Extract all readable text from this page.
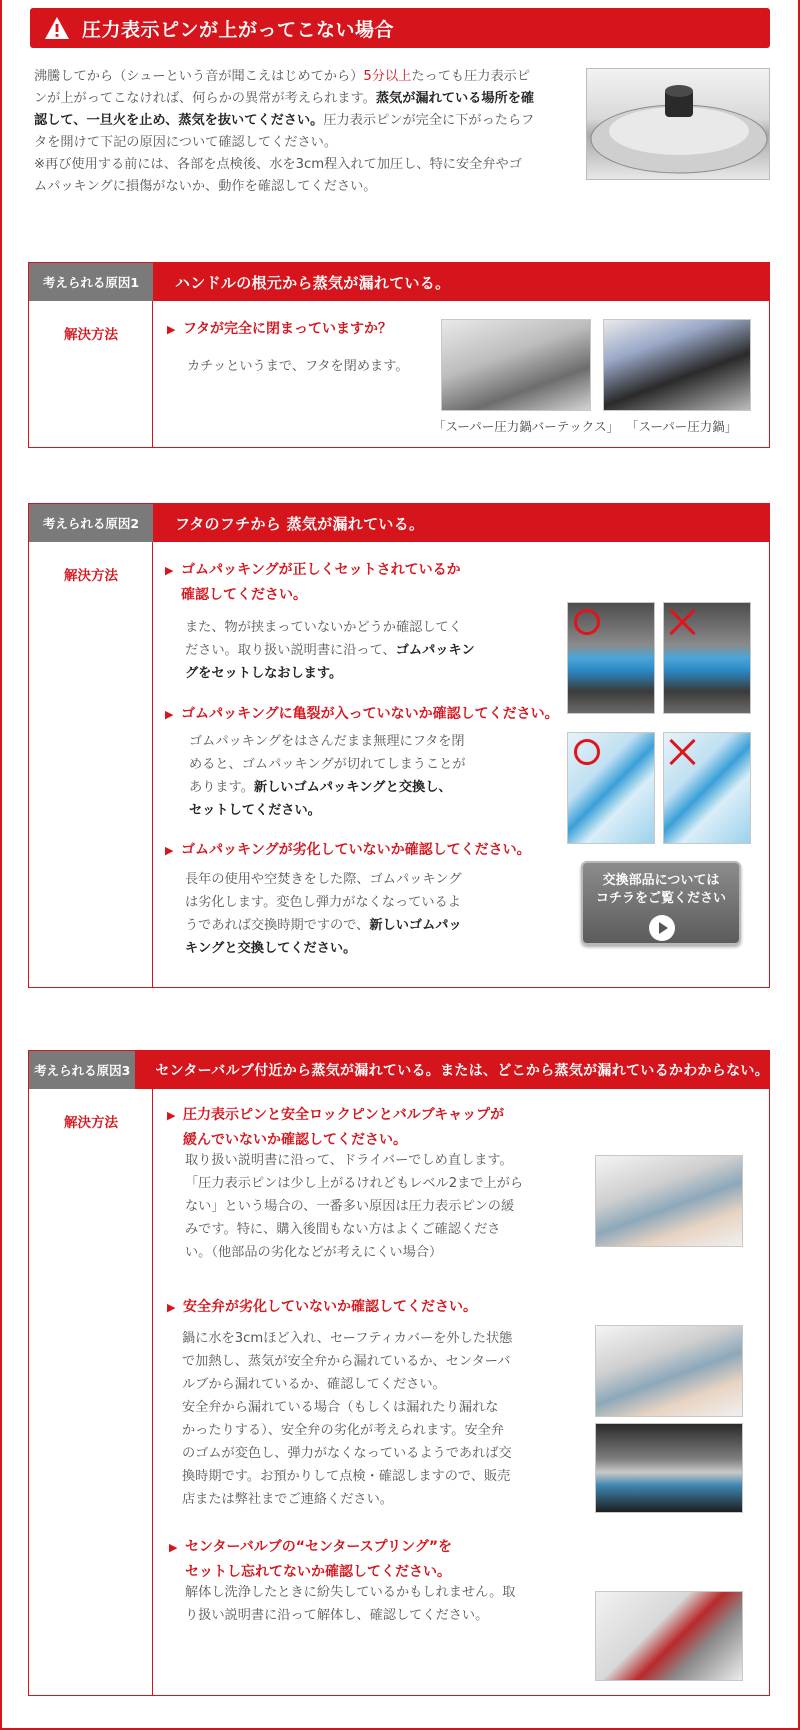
圧力表示ピンが上がってこない場合
沸騰してから（シューという音が聞こえはじめてから）5分以上たっても圧力表示ピ
ンが上がってこなければ、何らかの異常が考えられます。蒸気が漏れている場所を確
認して、一旦火を止め、蒸気を抜いてください。圧力表示ピンが完全に下がったらフ
タを開けて下記の原因について確認してください。
※再び使用する前には、各部を点検後、水を3cm程入れて加圧し、特に安全弁やゴ
ムパッキングに損傷がないか、動作を確認してください。
考えられる原因1	ハンドルの根元から蒸気が漏れている。
解決方法	▶ フタが完全に閉まっていますか？
カチッというまで、フタを閉めます。
「スーパー圧力鍋バーテックス」 「スーパー圧力鍋」
考えられる原因2	フタのフチから 蒸気が漏れている。
解決方法	▶ ゴムパッキングが正しくセットされているか
確認してください。
また、物が挟まっていないかどうか確認してく
ださい。取り扱い説明書に沿って、ゴムパッキン
グをセットしなおします。
▶ ゴムパッキングに亀裂が入っていないか確認してください。
ゴムパッキングをはさんだまま無理にフタを閉
めると、ゴムパッキングが切れてしまうことが
あります。新しいゴムパッキングと交換し、
セットしてください。
▶ ゴムパッキングが劣化していないか確認してください。
長年の使用や空焚きをした際、ゴムパッキング
は劣化します。変色し弾力がなくなっているよ
うであれば交換時期ですので、新しいゴムパッ
キングと交換してください。
交換部品については
コチラをご覧ください
考えられる原因3	センターバルブ付近から蒸気が漏れている。または、どこから蒸気が漏れているかわからない。
解決方法	▶ 圧力表示ピンと安全ロックピンとバルブキャップが
緩んでいないか確認してください。
取り扱い説明書に沿って、ドライバーでしめ直します。
「圧力表示ピンは少し上がるけれどもレベル2まで上がら
ない」という場合の、一番多い原因は圧力表示ピンの緩
みです。特に、購入後間もない方はよくご確認くださ
い。（他部品の劣化などが考えにくい場合）
▶ 安全弁が劣化していないか確認してください。
鍋に水を3cmほど入れ、セーフティカバーを外した状態
で加熱し、蒸気が安全弁から漏れているか、センターバ
ルブから漏れているか、確認してください。
安全弁から漏れている場合（もしくは漏れたり漏れな
かったりする）、安全弁の劣化が考えられます。安全弁
のゴムが変色し、弾力がなくなっているようであれば交
換時期です。お預かりして点検・確認しますので、販売
店または弊社までご連絡ください。
▶ センターバルブの“センタースプリング”を
セットし忘れてないか確認してください。
解体し洗浄したときに紛失しているかもしれません。取
り扱い説明書に沿って解体し、確認してください。
